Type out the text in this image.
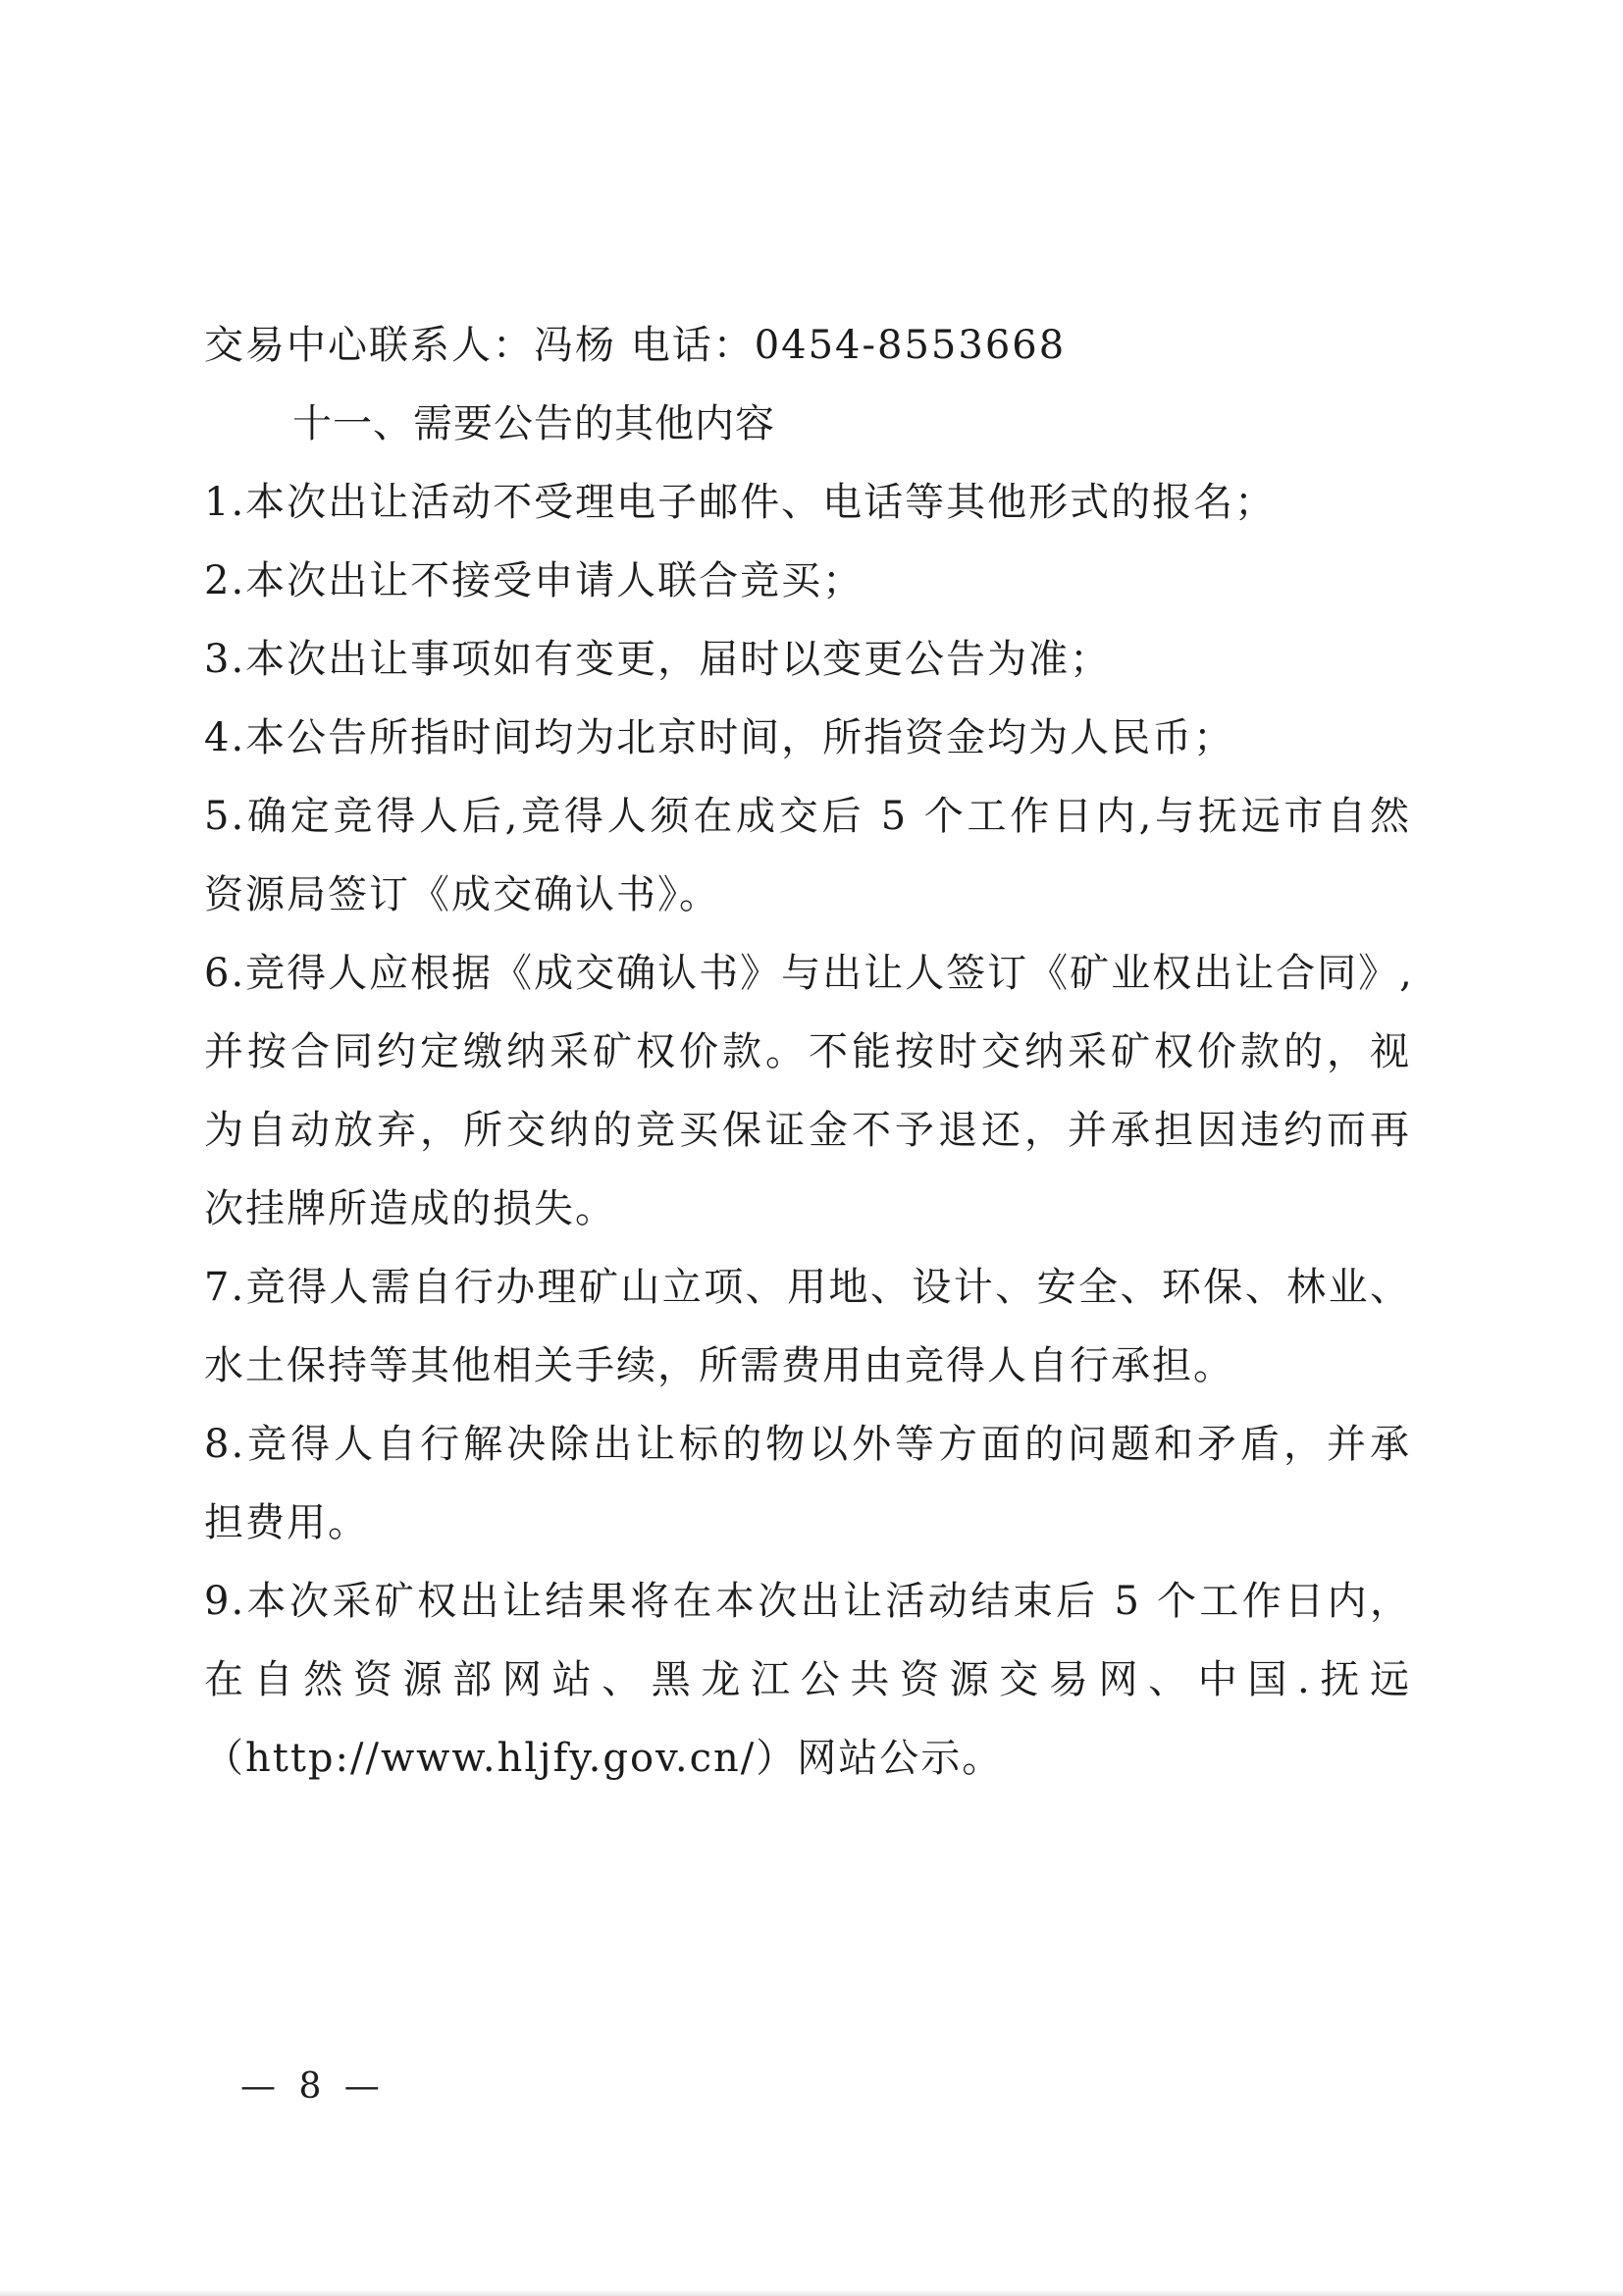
交易中心联系人：冯杨 电话：0454-8553668
十一、需要公告的其他内容
1.本次出让活动不受理电子邮件、电话等其他形式的报名；
2.本次出让不接受申请人联合竞买；
3.本次出让事项如有变更，届时以变更公告为准；
4.本公告所指时间均为北京时间，所指资金均为人民币；
5.确定竞得人后,竞得人须在成交后 5 个工作日内,与抚远市自然
资源局签订《成交确认书》。
6.竞得人应根据《成交确认书》与出让人签订《矿业权出让合同》,
并按合同约定缴纳采矿权价款。不能按时交纳采矿权价款的，视
为自动放弃，所交纳的竞买保证金不予退还，并承担因违约而再
次挂牌所造成的损失。
7.竞得人需自行办理矿山立项、用地、设计、安全、环保、林业、
水土保持等其他相关手续，所需费用由竞得人自行承担。
8.竞得人自行解决除出让标的物以外等方面的问题和矛盾，并承
担费用。
9.本次采矿权出让结果将在本次出让活动结束后 5 个工作日内，
在自然资源部网站、黑龙江公共资源交易网、中国.抚远
（http://www.hljfy.gov.cn/）网站公示。
— 8 —
